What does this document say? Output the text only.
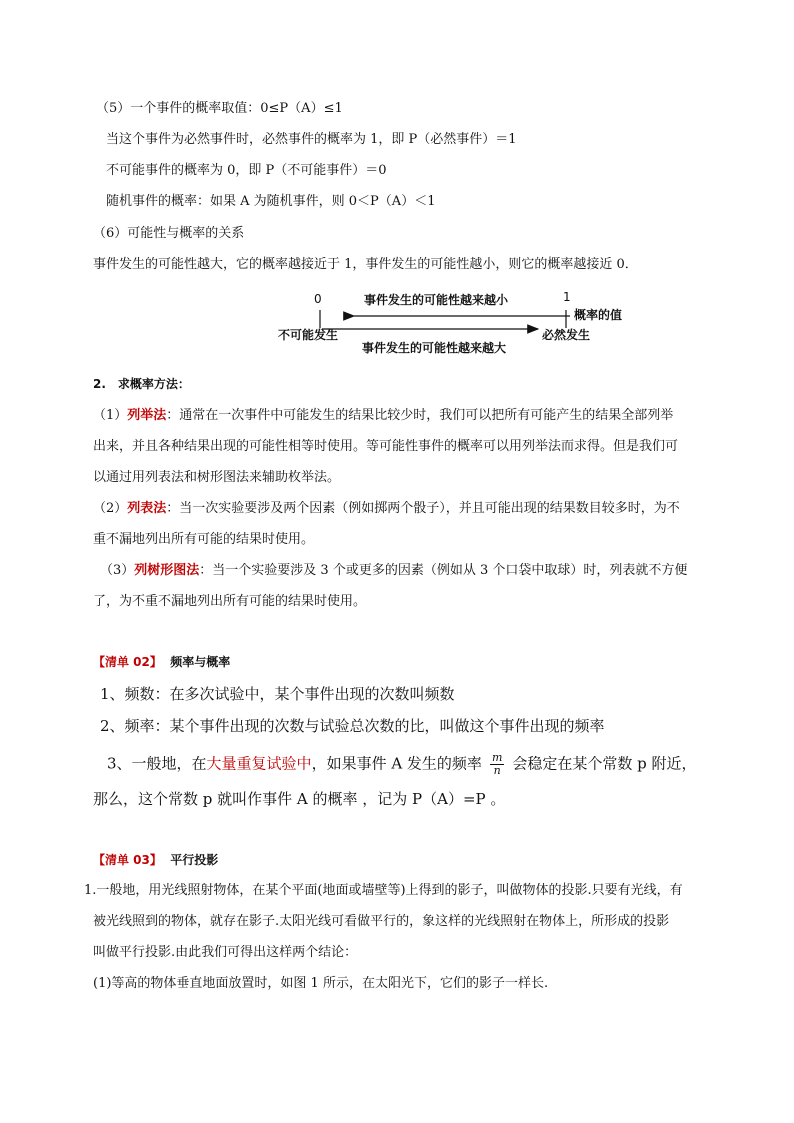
（5）一个事件的概率取值：0≤P（A）≤1
当这个事件为必然事件时，必然事件的概率为 1，即 P（必然事件）＝1
不可能事件的概率为 0，即 P（不可能事件）＝0
随机事件的概率：如果 A 为随机事件，则 0＜P（A）＜1
（6）可能性与概率的关系
事件发生的可能性越大，它的概率越接近于 1，事件发生的可能性越小，则它的概率越接近 0．
0	1
事件发生的可能性越来越小
概率的值
不可能发生	必然发生
事件发生的可能性越来越大
2.　求概率方法：
（1）列举法：通常在一次事件中可能发生的结果比较少时，我们可以把所有可能产生的结果全部列举
出来，并且各种结果出现的可能性相等时使用。等可能性事件的概率可以用列举法而求得。但是我们可
以通过用列表法和树形图法来辅助枚举法。
（2）列表法：当一次实验要涉及两个因素（例如掷两个骰子），并且可能出现的结果数目较多时，为不
重不漏地列出所有可能的结果时使用。
（3）列树形图法：当一个实验要涉及 3 个或更多的因素（例如从 3 个口袋中取球）时，列表就不方便
了，为不重不漏地列出所有可能的结果时使用。
【清单 02】 频率与概率
1、频数：在多次试验中，某个事件出现的次数叫频数
2、频率：某个事件出现的次数与试验总次数的比，叫做这个事件出现的频率
3、一般地，在大量重复试验中，如果事件 A 发生的频率 $\frac{m}{n}$ 会稳定在某个常数 p 附近，
那么，这个常数 p 就叫作事件 A 的概率 ，记为 P（A）=P 。
【清单 03】 平行投影
1.一般地，用光线照射物体，在某个平面(地面或墙壁等)上得到的影子，叫做物体的投影.只要有光线，有
被光线照到的物体，就存在影子.太阳光线可看做平行的，象这样的光线照射在物体上，所形成的投影
叫做平行投影.由此我们可得出这样两个结论：
(1)等高的物体垂直地面放置时，如图 1 所示，在太阳光下，它们的影子一样长.
